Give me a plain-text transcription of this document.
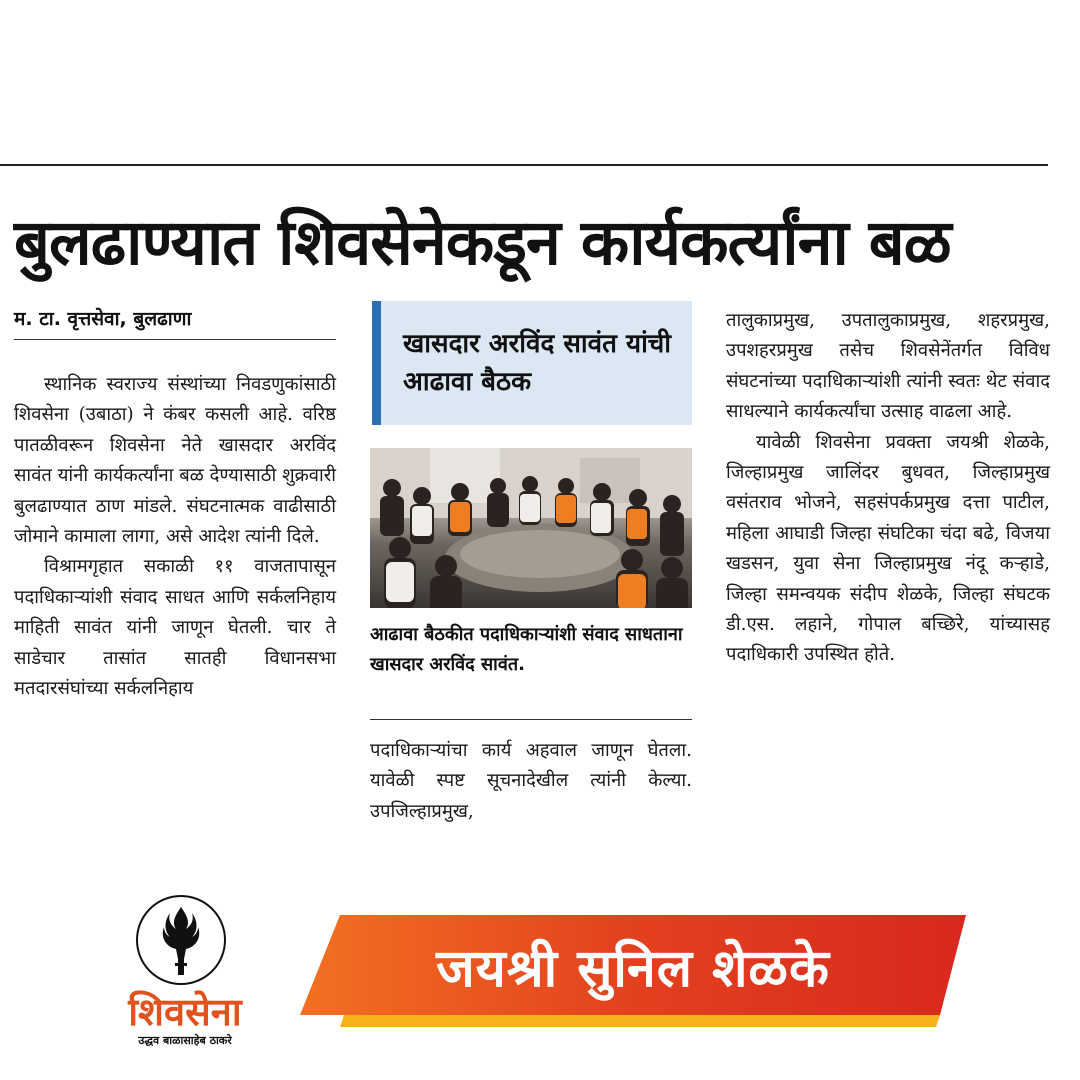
बुलढाण्यात शिवसेनेकडून कार्यकर्त्यांना बळ
म. टा. वृत्तसेवा, बुलढाणा

स्थानिक स्वराज्य संस्थांच्या निवडणुकांसाठी शिवसेना (उबाठा) ने कंबर कसली आहे. वरिष्ठ पातळीवरून शिवसेना नेते खासदार अरविंद सावंत यांनी कार्यकर्त्यांना बळ देण्यासाठी शुक्रवारी बुलढाण्यात ठाण मांडले. संघटनात्मक वाढीसाठी जोमाने कामाला लागा, असे आदेश त्यांनी दिले.

विश्रामगृहात सकाळी ११ वाजतापासून पदाधिकाऱ्यांशी संवाद साधत आणि सर्कलनिहाय माहिती सावंत यांनी जाणून घेतली. चार ते साडेचार तासांत सातही विधानसभा मतदारसंघांच्या सर्कलनिहाय

खासदार अरविंद सावंत यांची आढावा बैठक
आढावा बैठकीत पदाधिकाऱ्यांशी संवाद साधताना खासदार अरविंद सावंत.

पदाधिकाऱ्यांचा कार्य अहवाल जाणून घेतला. यावेळी स्पष्ट सूचनादेखील त्यांनी केल्या. उपजिल्हाप्रमुख,

तालुकाप्रमुख, उपतालुकाप्रमुख, शहरप्रमुख, उपशहरप्रमुख तसेच शिवसेनेंतर्गत विविध संघटनांच्या पदाधिकाऱ्यांशी त्यांनी स्वतः थेट संवाद साधल्याने कार्यकर्त्यांचा उत्साह वाढला आहे.

यावेळी शिवसेना प्रवक्ता जयश्री शेळके, जिल्हाप्रमुख जालिंदर बुधवत, जिल्हाप्रमुख वसंतराव भोजने, सहसंपर्कप्रमुख दत्ता पाटील, महिला आघाडी जिल्हा संघटिका चंदा बढे, विजया खडसन, युवा सेना जिल्हाप्रमुख नंदू कऱ्हाडे, जिल्हा समन्वयक संदीप शेळके, जिल्हा संघटक डी.एस. लहाने, गोपाल बच्छिरे, यांच्यासह पदाधिकारी उपस्थित होते.

शिवसेना
उद्धव बाळासाहेब ठाकरे
जयश्री सुनिल शेळके
